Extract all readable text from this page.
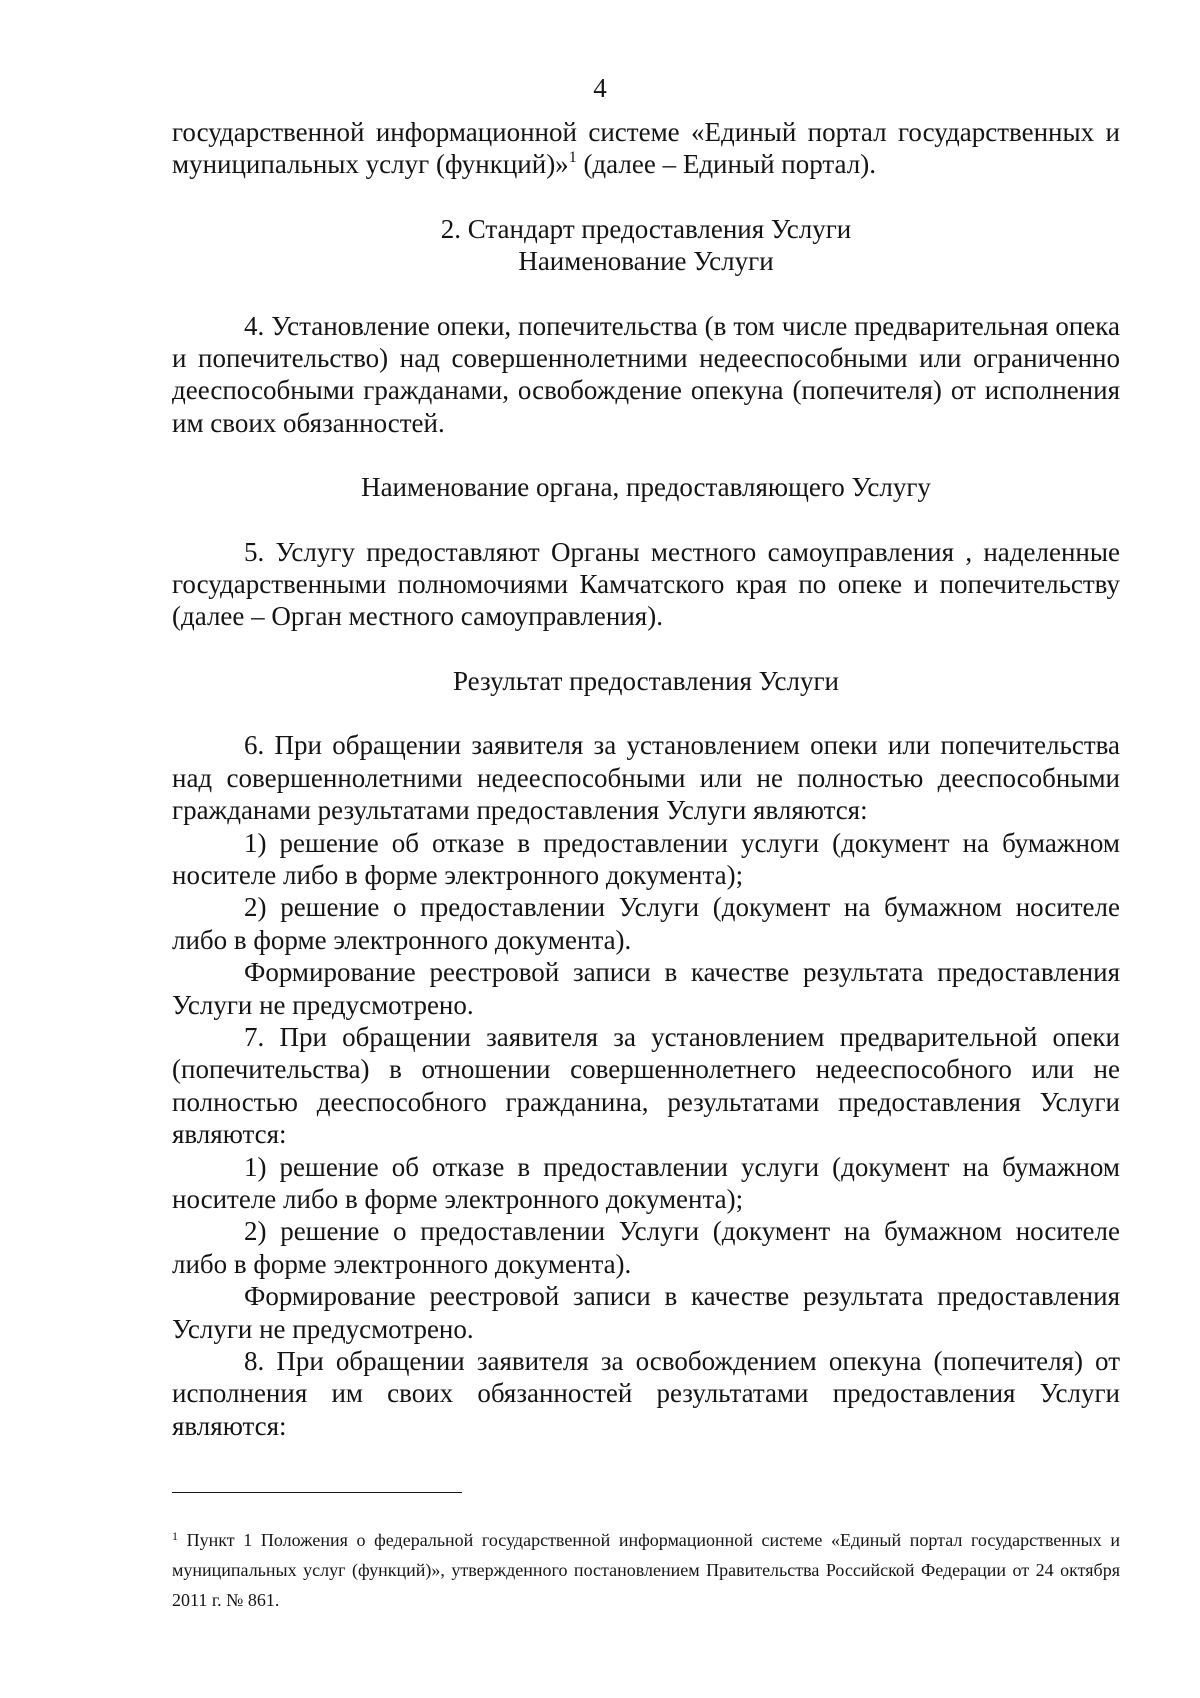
4

государственной информационной системе «Единый портал государственных и муниципальных услуг (функций)»$^1$ (далее – Единый портал).

2. Стандарт предоставления Услуги

Наименование Услуги

4. Установление опеки, попечительства (в том числе предварительная опека и попечительство) над совершеннолетними недееспособными или ограниченно дееспособными гражданами, освобождение опекуна (попечителя) от исполнения им своих обязанностей.

Наименование органа, предоставляющего Услугу

5. Услугу предоставляют Органы местного самоуправления , наделенные государственными полномочиями Камчатского края по опеке и попечительству (далее – Орган местного самоуправления).

Результат предоставления Услуги

6. При обращении заявителя за установлением опеки или попечительства над совершеннолетними недееспособными или не полностью дееспособными гражданами результатами предоставления Услуги являются:

1) решение об отказе в предоставлении услуги (документ на бумажном носителе либо в форме электронного документа);

2) решение о предоставлении Услуги (документ на бумажном носителе либо в форме электронного документа).

Формирование реестровой записи в качестве результата предоставления Услуги не предусмотрено.

7. При обращении заявителя за установлением предварительной опеки (попечительства) в отношении совершеннолетнего недееспособного или не полностью дееспособного гражданина, результатами предоставления Услуги являются:

1) решение об отказе в предоставлении услуги (документ на бумажном носителе либо в форме электронного документа);

2) решение о предоставлении Услуги (документ на бумажном носителе либо в форме электронного документа).

Формирование реестровой записи в качестве результата предоставления Услуги не предусмотрено.

8. При обращении заявителя за освобождением опекуна (попечителя) от исполнения им своих обязанностей результатами предоставления Услуги являются:

$^1$ Пункт 1 Положения о федеральной государственной информационной системе «Единый портал государственных и муниципальных услуг (функций)», утвержденного постановлением Правительства Российской Федерации от 24 октября 2011 г. № 861.
